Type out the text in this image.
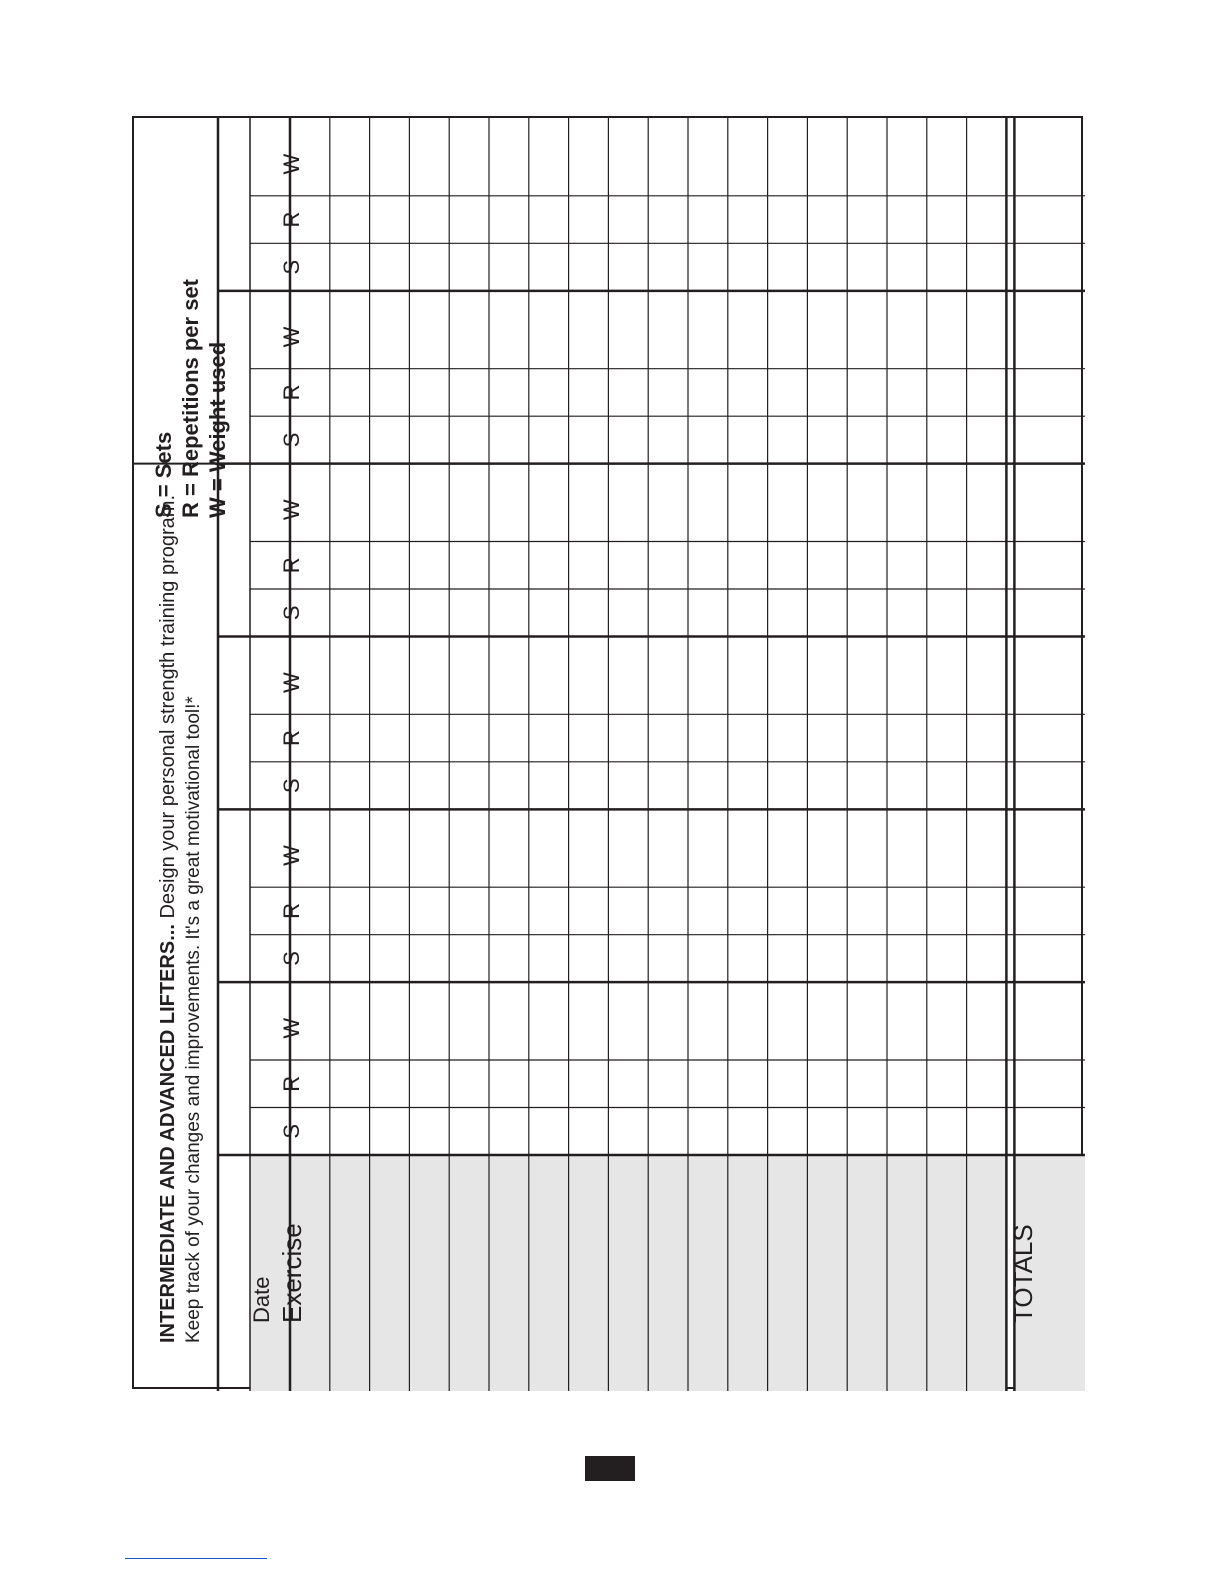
INTERMEDIATE AND ADVANCED LIFTERS... Design your personal strength training program. Keep track of your changes and improvements. It's a great motivational tool!*
S = Sets R = Repetitions per set W = Weight used
Date Exercise	TOTALS
S
R
W
S
R
W
S
R
W
S
R
W
S
R
W
S
R
W
